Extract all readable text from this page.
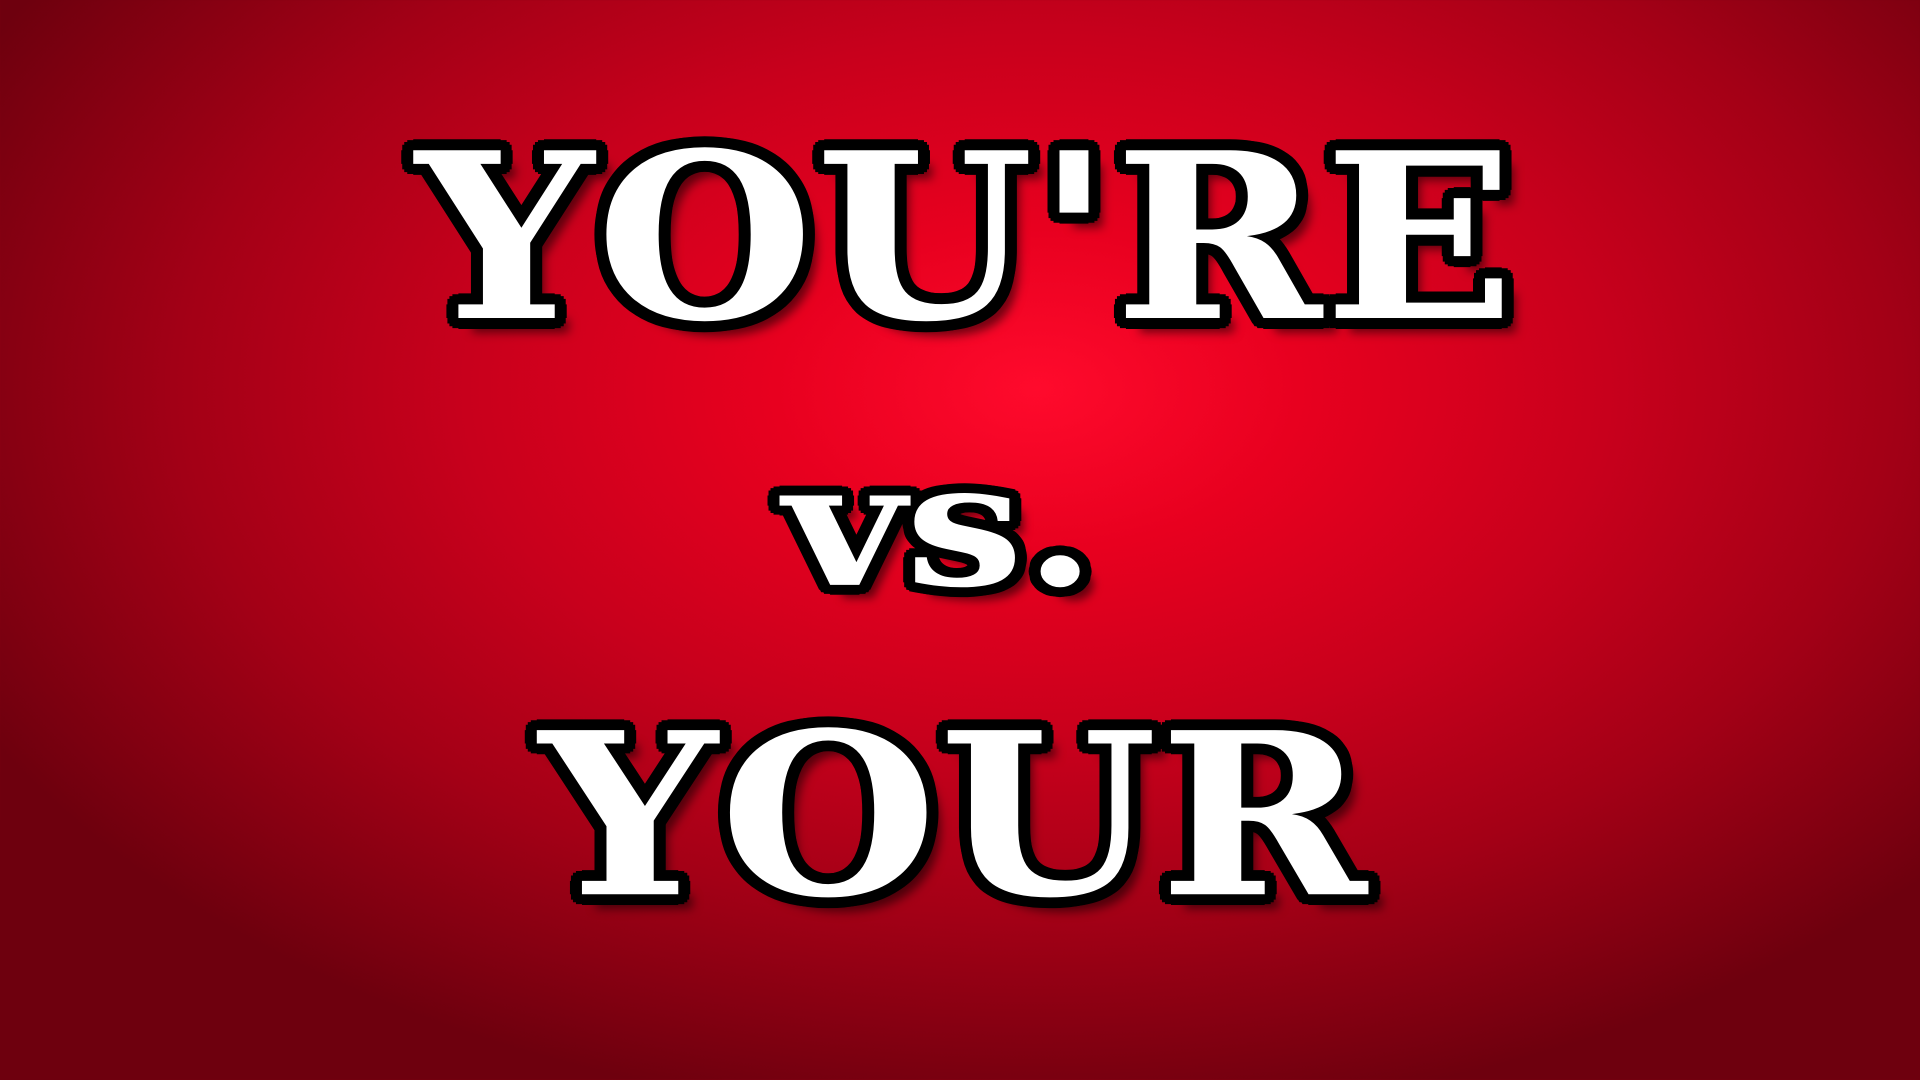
YOU'RE
vs.
YOUR
